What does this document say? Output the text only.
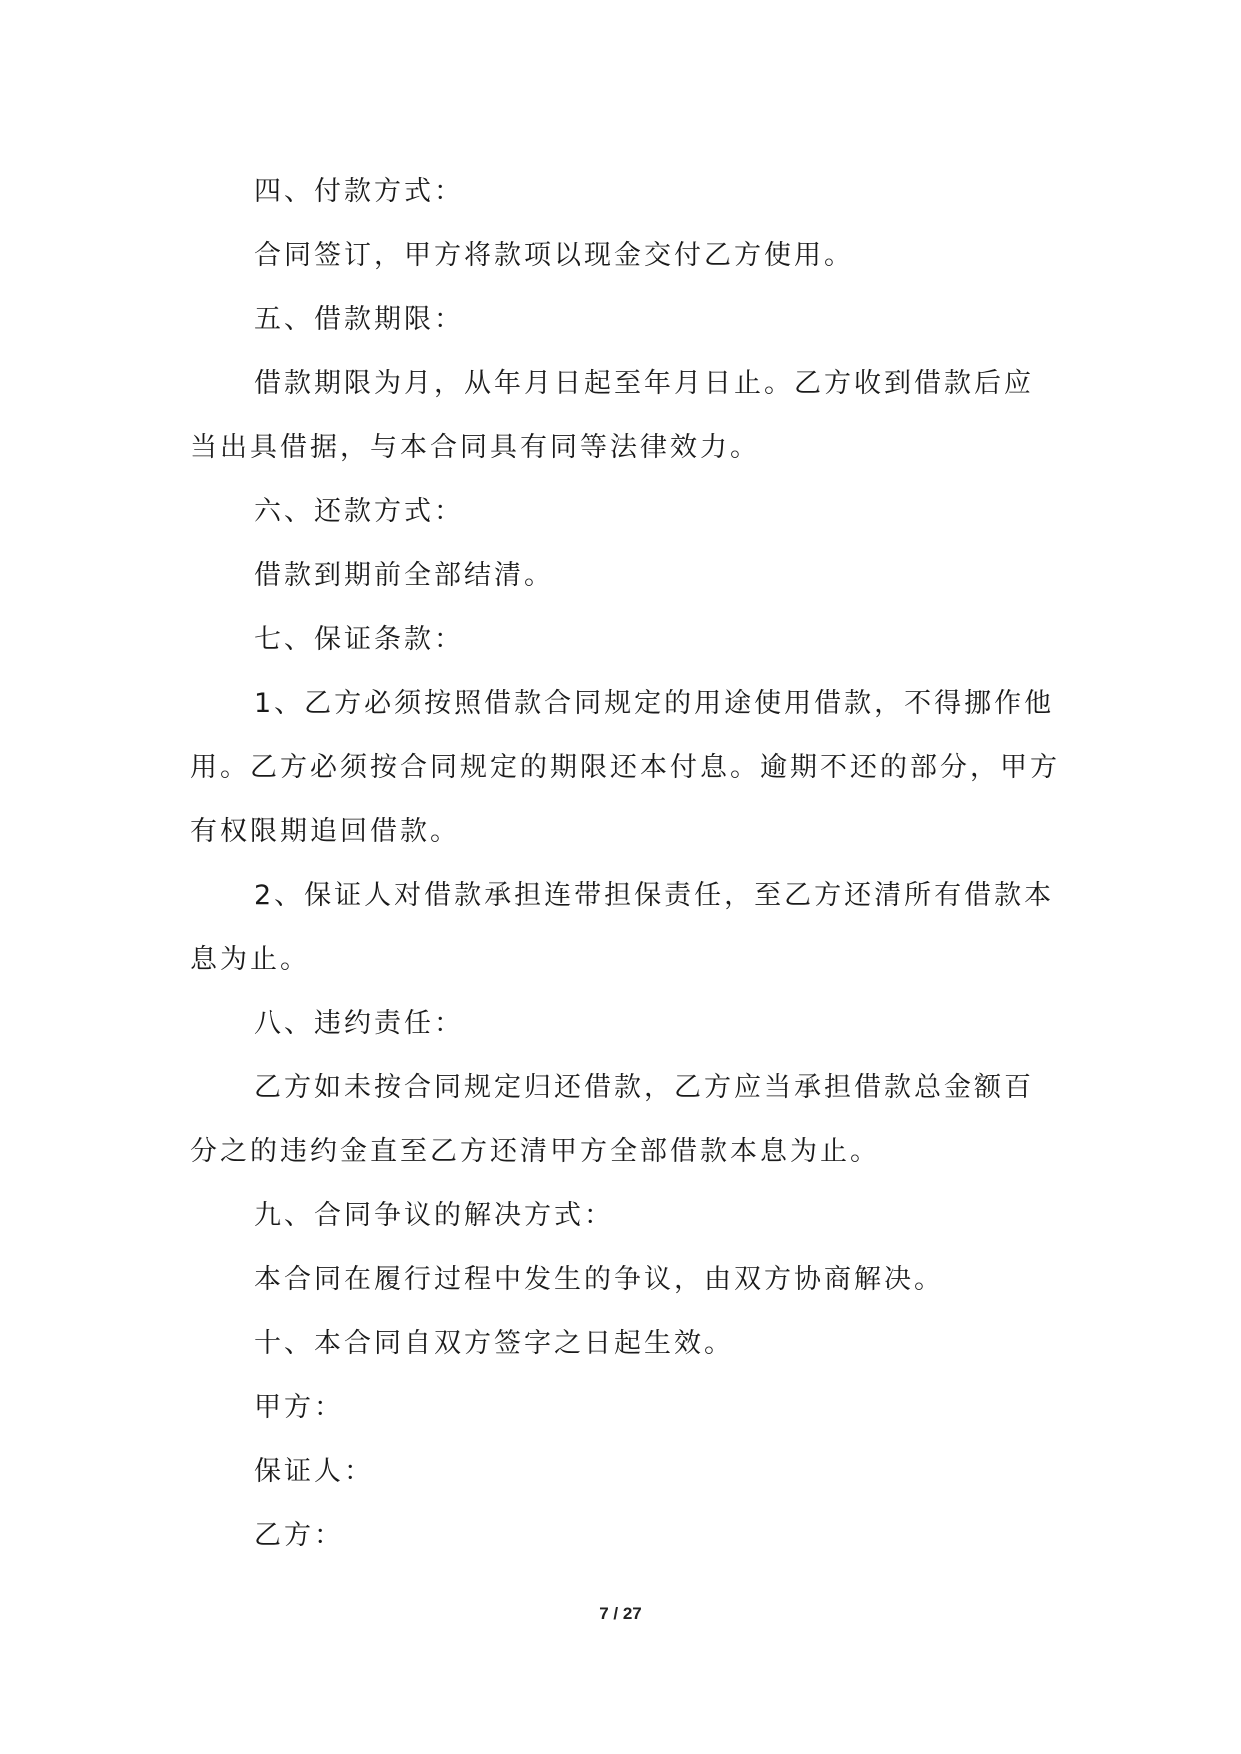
四、付款方式：

合同签订，甲方将款项以现金交付乙方使用。

五、借款期限：

借款期限为月，从年月日起至年月日止。乙方收到借款后应当出具借据，与本合同具有同等法律效力。

六、还款方式：

借款到期前全部结清。

七、保证条款：

1、乙方必须按照借款合同规定的用途使用借款，不得挪作他用。乙方必须按合同规定的期限还本付息。逾期不还的部分，甲方有权限期追回借款。

2、保证人对借款承担连带担保责任，至乙方还清所有借款本息为止。

八、违约责任：

乙方如未按合同规定归还借款，乙方应当承担借款总金额百分之的违约金直至乙方还清甲方全部借款本息为止。

九、合同争议的解决方式：

本合同在履行过程中发生的争议，由双方协商解决。

十、本合同自双方签字之日起生效。

甲方：

保证人：

乙方：

7 / 27
